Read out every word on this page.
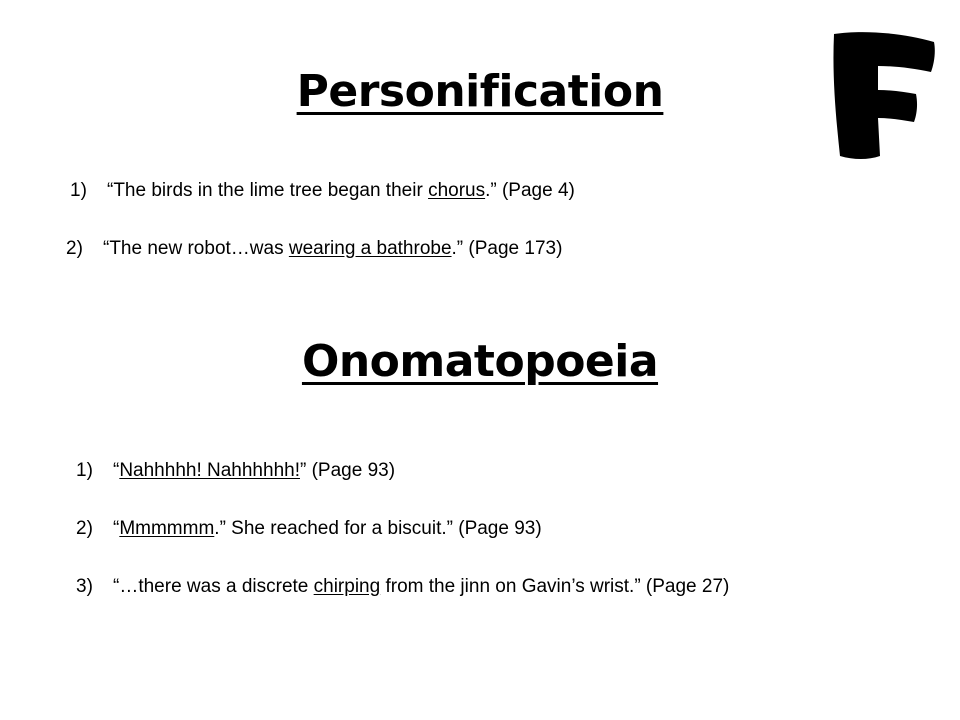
Personification
1) “The birds in the lime tree began their chorus.” (Page 4)
2) “The new robot…was wearing a bathrobe.” (Page 173)
Onomatopoeia
1) “Nahhhhh! Nahhhhhh!” (Page 93)
2) “Mmmmmm.” She reached for a biscuit.” (Page 93)
3) “…there was a discrete chirping from the jinn on Gavin’s wrist.” (Page 27)
